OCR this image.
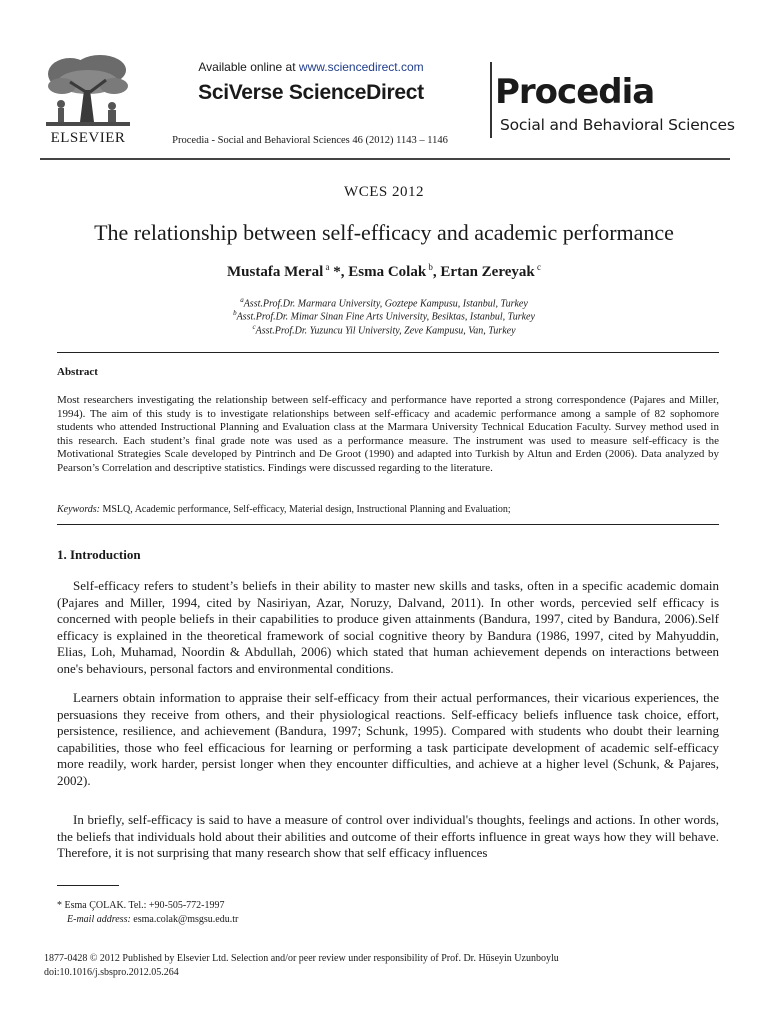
ELSEVIER
Available online at www.sciencedirect.com
SciVerse ScienceDirect
Procedia - Social and Behavioral Sciences 46 (2012) 1143 – 1146
Procedia
Social and Behavioral Sciences
WCES 2012
The relationship between self-efficacy and academic performance
Mustafa Meral $^a$ *, Esma Colak $^b$, Ertan Zereyak $^c$
$^a$Asst.Prof.Dr. Marmara University, Goztepe Kampusu, Istanbul, Turkey
$^b$Asst.Prof.Dr. Mimar Sinan Fine Arts University, Besiktas, Istanbul, Turkey
$^c$Asst.Prof.Dr. Yuzuncu Yil University, Zeve Kampusu, Van, Turkey
Abstract
Most researchers investigating the relationship between self-efficacy and performance have reported a strong correspondence (Pajares and Miller, 1994). The aim of this study is to investigate relationships between self-efficacy and academic performance among a sample of 82 sophomore students who attended Instructional Planning and Evaluation class at the Marmara University Technical Education Faculty. Survey method used in this research. Each student’s final grade note was used as a performance measure. The instrument was used to measure self-efficacy is the Motivational Strategies Scale developed by Pintrinch and De Groot (1990) and adapted into Turkish by Altun and Erden (2006). Data analyzed by Pearson’s Correlation and descriptive statistics. Findings were discussed regarding to the literature.
Keywords: MSLQ, Academic performance, Self-efficacy, Material design, Instructional Planning and Evaluation;
1. Introduction
Self-efficacy refers to student’s beliefs in their ability to master new skills and tasks, often in a specific academic domain (Pajares and Miller, 1994, cited by Nasiriyan, Azar, Noruzy, Dalvand, 2011). In other words, percevied self efficacy is concerned with people beliefs in their capabilities to produce given attainments (Bandura, 1997, cited by Bandura, 2006).Self efficacy is explained in the theoretical framework of social cognitive theory by Bandura (1986, 1997, cited by Mahyuddin, Elias, Loh, Muhamad, Noordin & Abdullah, 2006) which stated that human achievement depends on interactions between one's behaviours, personal factors and environmental conditions.
Learners obtain information to appraise their self-efficacy from their actual performances, their vicarious experiences, the persuasions they receive from others, and their physiological reactions. Self-efficacy beliefs influence task choice, effort, persistence, resilience, and achievement (Bandura, 1997; Schunk, 1995). Compared with students who doubt their learning capabilities, those who feel efficacious for learning or performing a task participate development of academic self-efficacy more readily, work harder, persist longer when they encounter difficulties, and achieve at a higher level (Schunk, & Pajares, 2002).
In briefly, self-efficacy is said to have a measure of control over individual's thoughts, feelings and actions. In other words, the beliefs that individuals hold about their abilities and outcome of their efforts influence in great ways how they will behave. Therefore, it is not surprising that many research show that self efficacy influences
* Esma ÇOLAK. Tel.: +90-505-772-1997
E-mail address: esma.colak@msgsu.edu.tr
1877-0428 © 2012 Published by Elsevier Ltd. Selection and/or peer review under responsibility of Prof. Dr. Hüseyin Uzunboylu
doi:10.1016/j.sbspro.2012.05.264
